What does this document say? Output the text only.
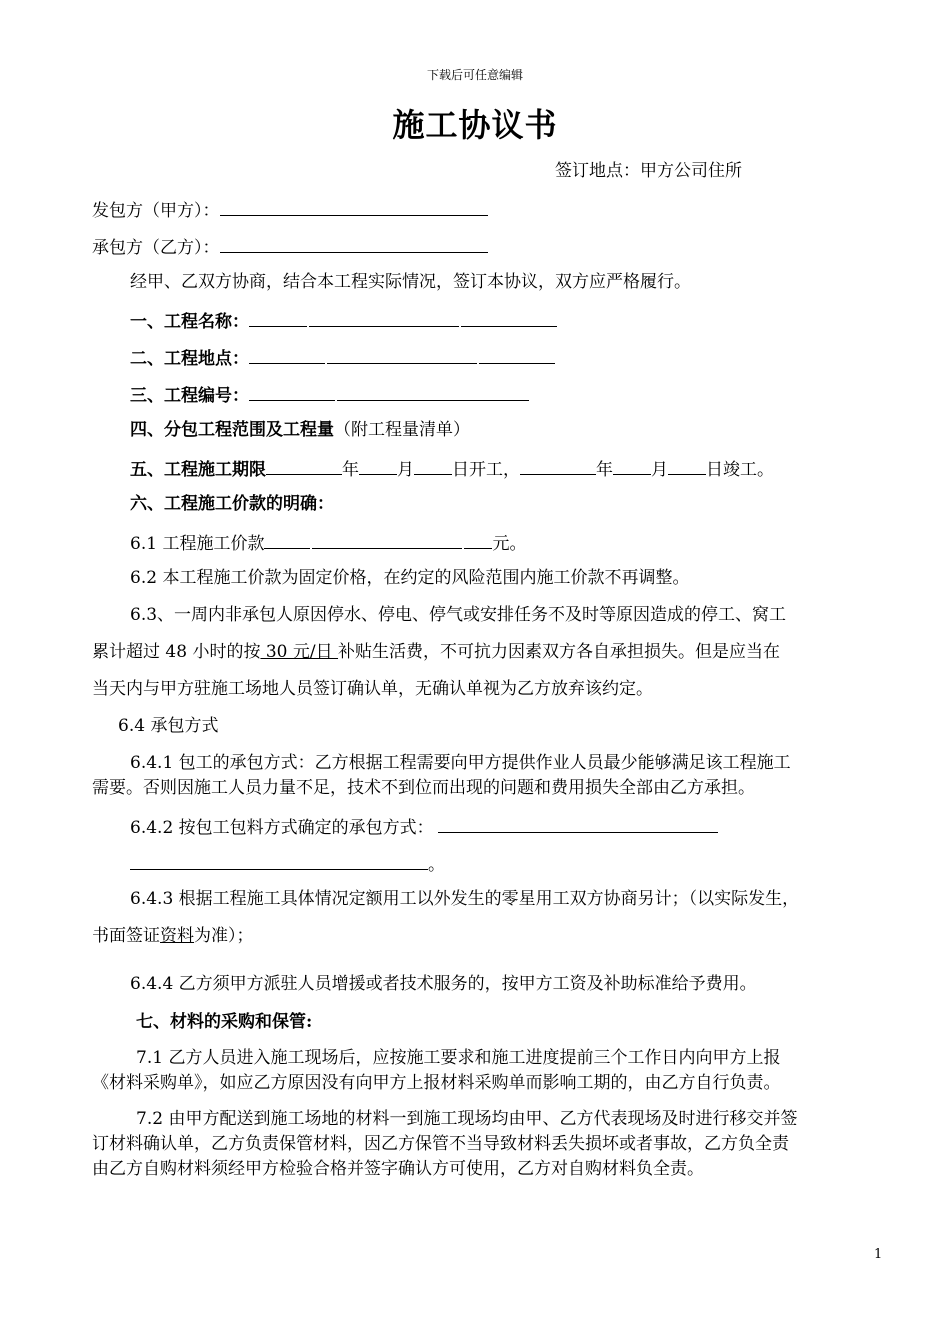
下载后可任意编辑
施工协议书
签订地点：甲方公司住所
发包方（甲方）：
承包方（乙方）：
经甲、乙双方协商，结合本工程实际情况，签订本协议，双方应严格履行。
一、工程名称：
二、工程地点：
三、工程编号：
四、分包工程范围及工程量（附工程量清单）
五、工程施工期限	年 月 日开工，	年 月 日竣工。
六、工程施工价款的明确：
6.1 工程施工价款	元。
6.2 本工程施工价款为固定价格，在约定的风险范围内施工价款不再调整。
6.3、一周内非承包人原因停水、停电、停气或安排任务不及时等原因造成的停工、窝工
累计超过 48 小时的按 30 元/日 补贴生活费，不可抗力因素双方各自承担损失。但是应当在
当天内与甲方驻施工场地人员签订确认单，无确认单视为乙方放弃该约定。
6.4 承包方式
6.4.1 包工的承包方式：乙方根据工程需要向甲方提供作业人员最少能够满足该工程施工
需要。否则因施工人员力量不足，技术不到位而出现的问题和费用损失全部由乙方承担。
6.4.2 按包工包料方式确定的承包方式：
。
6.4.3 根据工程施工具体情况定额用工以外发生的零星用工双方协商另计；（以实际发生，
书面签证资料为准）；
6.4.4 乙方须甲方派驻人员增援或者技术服务的，按甲方工资及补助标准给予费用。
七、材料的采购和保管:
7.1 乙方人员进入施工现场后，应按施工要求和施工进度提前三个工作日内向甲方上报
《材料采购单》，如应乙方原因没有向甲方上报材料采购单而影响工期的，由乙方自行负责。
7.2 由甲方配送到施工场地的材料一到施工现场均由甲、乙方代表现场及时进行移交并签
订材料确认单，乙方负责保管材料，因乙方保管不当导致材料丢失损坏或者事故，乙方负全责
由乙方自购材料须经甲方检验合格并签字确认方可使用，乙方对自购材料负全责。
1
